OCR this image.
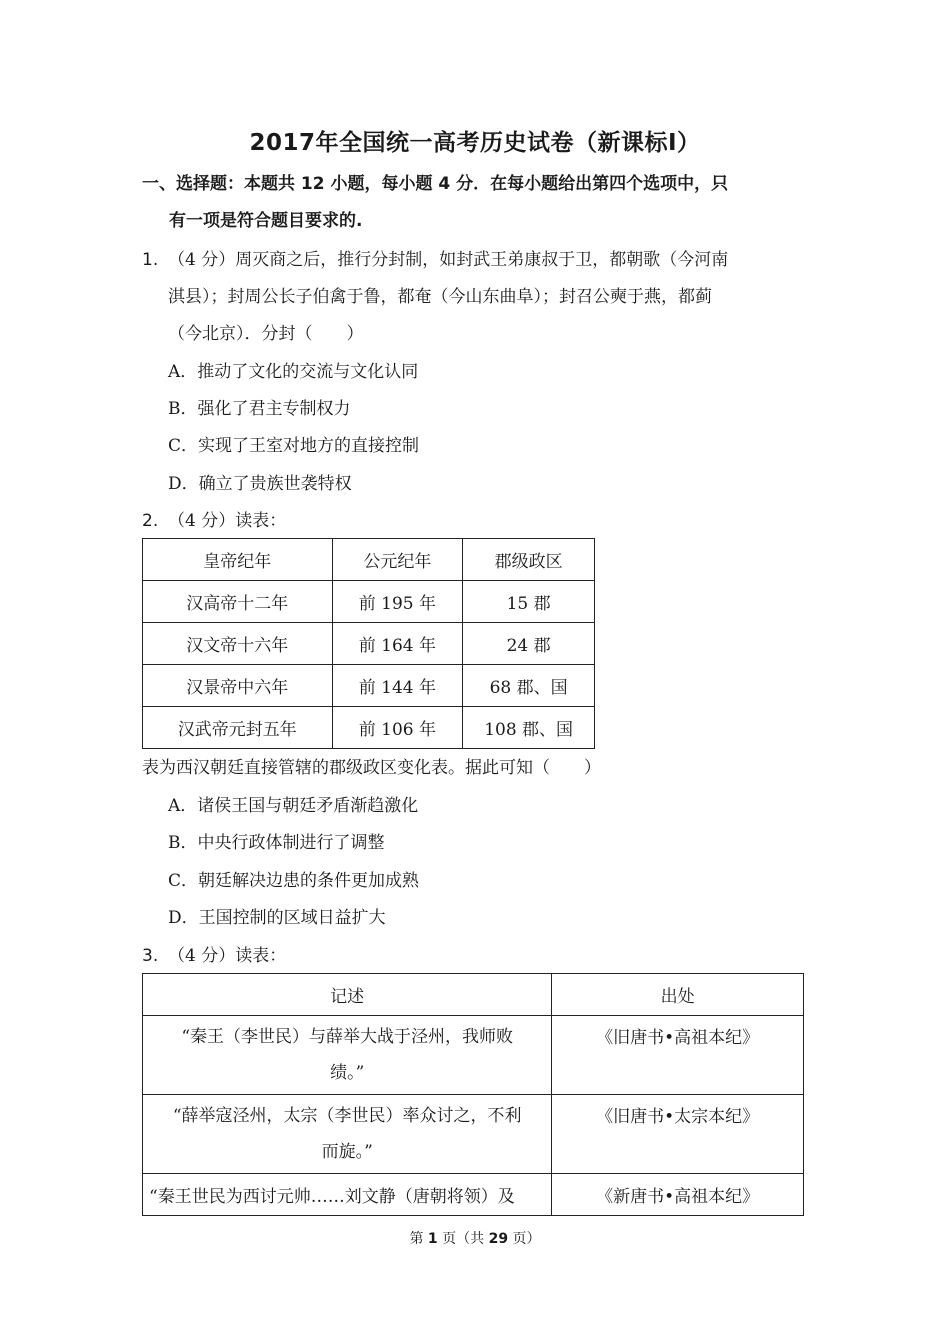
2017年全国统一高考历史试卷（新课标Ⅰ）
一、选择题：本题共 12 小题，每小题 4 分．在每小题给出第四个选项中，只
有一项是符合题目要求的.
1. （4 分）周灭商之后，推行分封制，如封武王弟康叔于卫，都朝歌（今河南
淇县）；封周公长子伯禽于鲁，都奄（今山东曲阜）；封召公奭于燕，都蓟
（今北京）．分封（　　）
A．推动了文化的交流与文化认同
B．强化了君主专制权力
C．实现了王室对地方的直接控制
D．确立了贵族世袭特权
2. （4 分）读表：
皇帝纪年	公元纪年	郡级政区
汉高帝十二年	前 195 年	15 郡
汉文帝十六年	前 164 年	24 郡
汉景帝中六年	前 144 年	68 郡、国
汉武帝元封五年	前 106 年	108 郡、国
表为西汉朝廷直接管辖的郡级政区变化表。据此可知（　　）
A．诸侯王国与朝廷矛盾渐趋激化
B．中央行政体制进行了调整
C．朝廷解决边患的条件更加成熟
D．王国控制的区域日益扩大
3. （4 分）读表：
记述	出处

“秦王（李世民）与薛举大战于泾州，我师败
绩。”	《旧唐书•高祖本纪》

“薛举寇泾州，太宗（李世民）率众讨之，不利
而旋。”	《旧唐书•太宗本纪》
“秦王世民为西讨元帅……刘文静（唐朝将领）及	《新唐书•高祖本纪》
第 1 页（共 29 页）
